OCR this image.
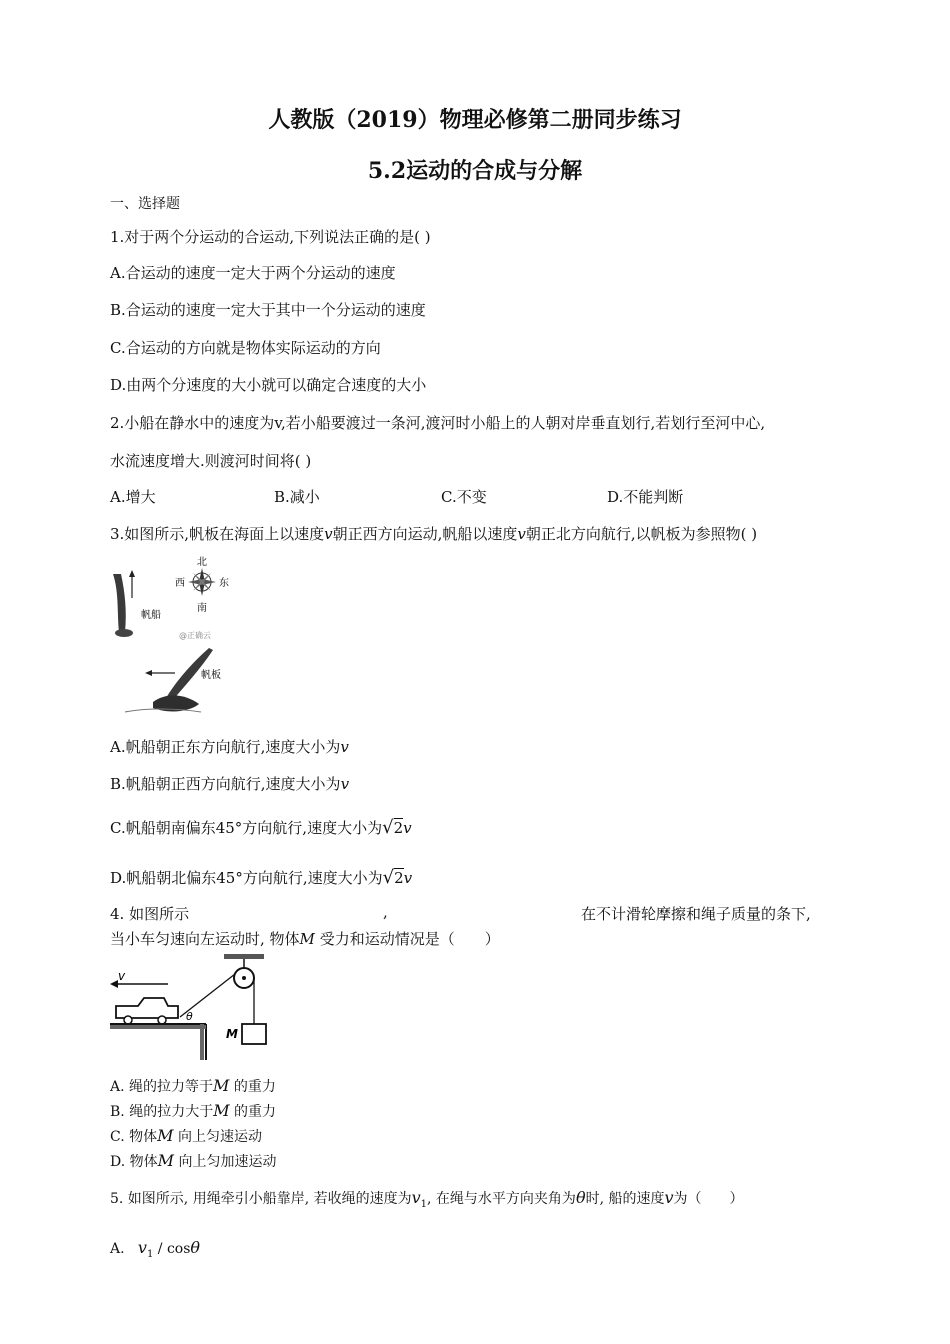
人教版（2019）物理必修第二册同步练习
5.2运动的合成与分解
一、选择题
1.对于两个分运动的合运动,下列说法正确的是( )
A.合运动的速度一定大于两个分运动的速度
B.合运动的速度一定大于其中一个分运动的速度
C.合运动的方向就是物体实际运动的方向
D.由两个分速度的大小就可以确定合速度的大小
2.小船在静水中的速度为v,若小船要渡过一条河,渡河时小船上的人朝对岸垂直划行,若划行至河中心,
水流速度增大.则渡河时间将( )
A.增大	B.减小	C.不变	D.不能判断
3.如图所示,帆板在海面上以速度v朝正西方向运动,帆船以速度v朝正北方向航行,以帆板为参照物( )
北
南
西	东
帆船
@正确云
帆板
A.帆船朝正东方向航行,速度大小为v
B.帆船朝正西方向航行,速度大小为v
C.帆船朝南偏东45°方向航行,速度大小为√2v
D.帆船朝北偏东45°方向航行,速度大小为√2v
4. 如图所示	,	在不计滑轮摩擦和绳子质量的条下,
当小车匀速向左运动时, 物体M 受力和运动情况是（　　）
v
θ
M
A. 绳的拉力等于M 的重力
B. 绳的拉力大于M 的重力
C. 物体M 向上匀速运动
D. 物体M 向上匀加速运动
5. 如图所示, 用绳牵引小船靠岸, 若收绳的速度为$v_1$, 在绳与水平方向夹角为θ时, 船的速度v为（　　）
A. $v_1$ / cosθ
